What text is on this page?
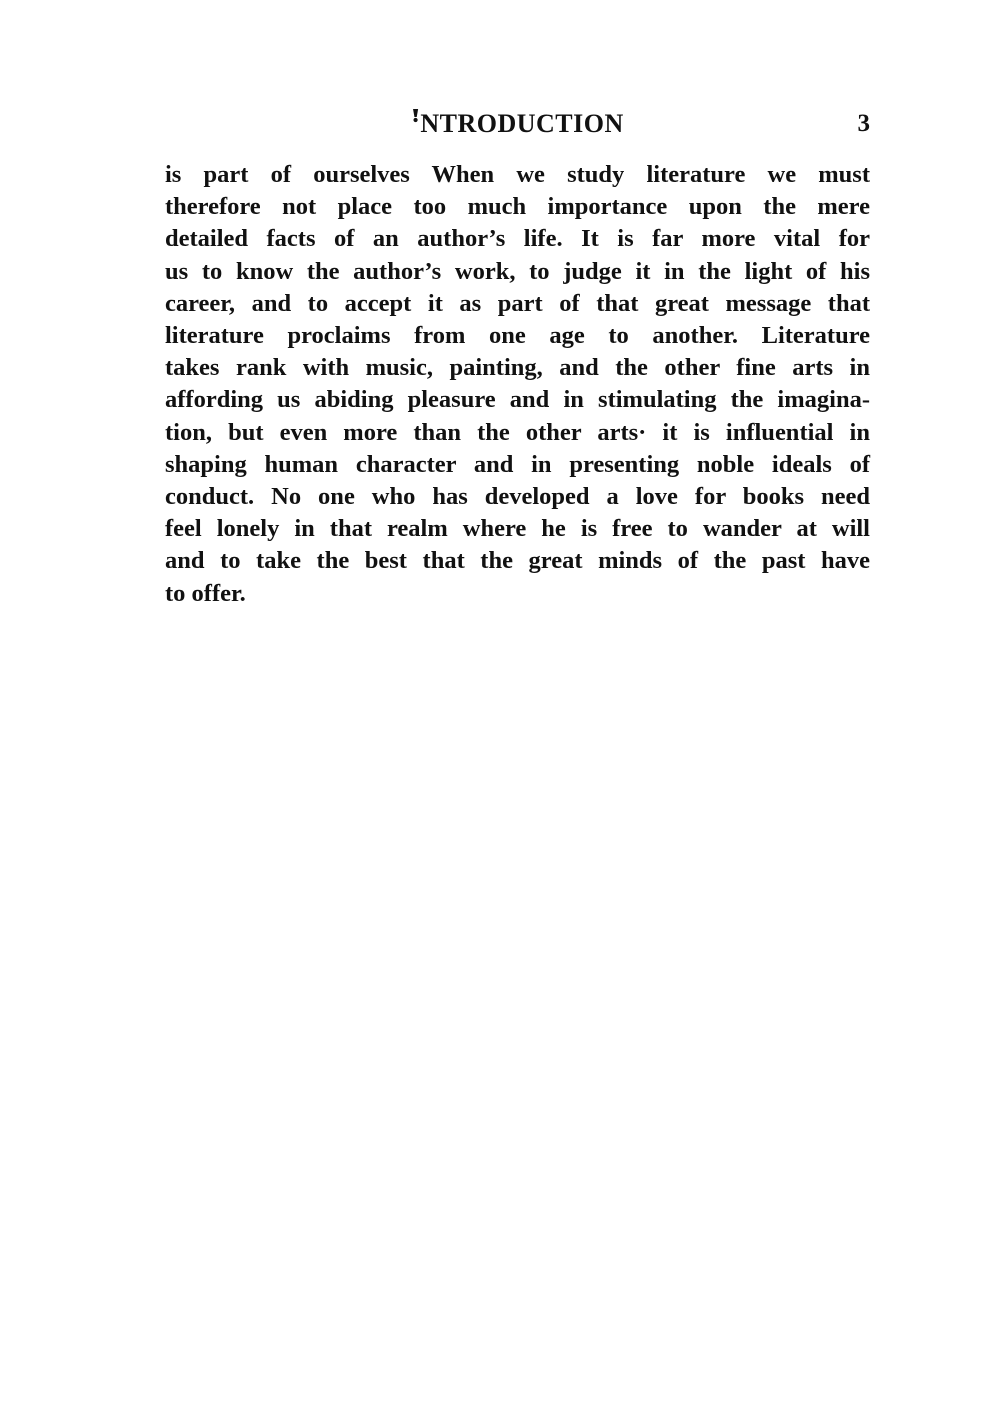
ꜝNTRODUCTION	3
is part of ourselves When we study literature we must
therefore not place too much importance upon the mere
detailed facts of an author’s life. It is far more vital for
us to know the author’s work, to judge it in the light of his
career, and to accept it as part of that great message that
literature proclaims from one age to another. Literature
takes rank with music, painting, and the other fine arts in
affording us abiding pleasure and in stimulating the imagina-
tion, but even more than the other arts· it is influential in
shaping human character and in presenting noble ideals of
conduct. No one who has developed a love for books need
feel lonely in that realm where he is free to wander at will
and to take the best that the great minds of the past have
to offer.
